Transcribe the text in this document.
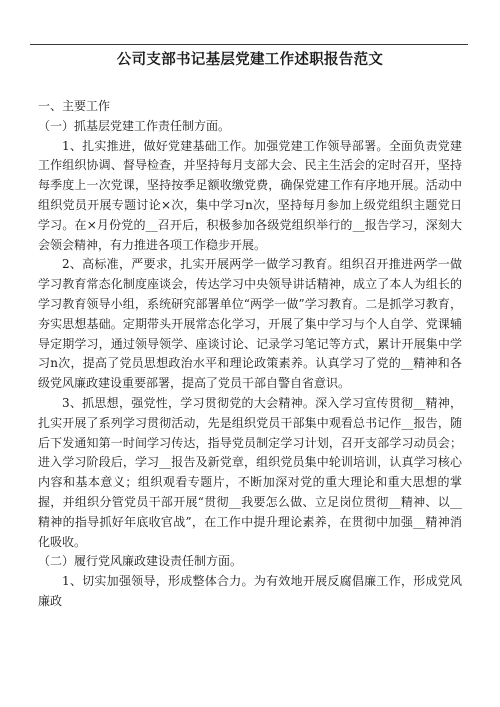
公司支部书记基层党建工作述职报告范文

一、主要工作

（一）抓基层党建工作责任制方面。

1、扎实推进，做好党建基础工作。加强党建工作领导部署。全面负责党建工作组织协调、督导检查，并坚持每月支部大会、民主生活会的定时召开，坚持每季度上一次党课，坚持按季足额收缴党费，确保党建工作有序地开展。活动中组织党员开展专题讨论×次，集中学习n次，坚持每月参加上级党组织主题党日学习。在×月份党的__召开后，积极参加各级党组织举行的__报告学习，深刻大会领会精神，有力推进各项工作稳步开展。

2、高标准，严要求，扎实开展两学一做学习教育。组织召开推进两学一做学习教育常态化制度座谈会，传达学习中央领导讲话精神，成立了本人为组长的学习教育领导小组，系统研究部署单位“两学一做”学习教育。二是抓学习教育，夯实思想基础。定期带头开展常态化学习，开展了集中学习与个人自学、党课辅导定期学习，通过领导领学、座谈讨论、记录学习笔记等方式，累计开展集中学习n次，提高了党员思想政治水平和理论政策素养。认真学习了党的__精神和各级党风廉政建设重要部署，提高了党员干部自警自省意识。

3、抓思想，强党性，学习贯彻党的大会精神。深入学习宣传贯彻__精神，扎实开展了系列学习贯彻活动，先是组织党员干部集中观看总书记作__报告，随后下发通知第一时间学习传达，指导党员制定学习计划，召开支部学习动员会；进入学习阶段后，学习__报告及新党章，组织党员集中轮训培训，认真学习核心内容和基本意义；组织观看专题片，不断加深对党的重大理论和重大思想的掌握，并组织分管党员干部开展“贯彻__我要怎么做、立足岗位贯彻__精神、以__精神的指导抓好年底收官战”，在工作中提升理论素养，在贯彻中加强__精神消化吸收。

（二）履行党风廉政建设责任制方面。

1、切实加强领导，形成整体合力。为有效地开展反腐倡廉工作，形成党风廉政
